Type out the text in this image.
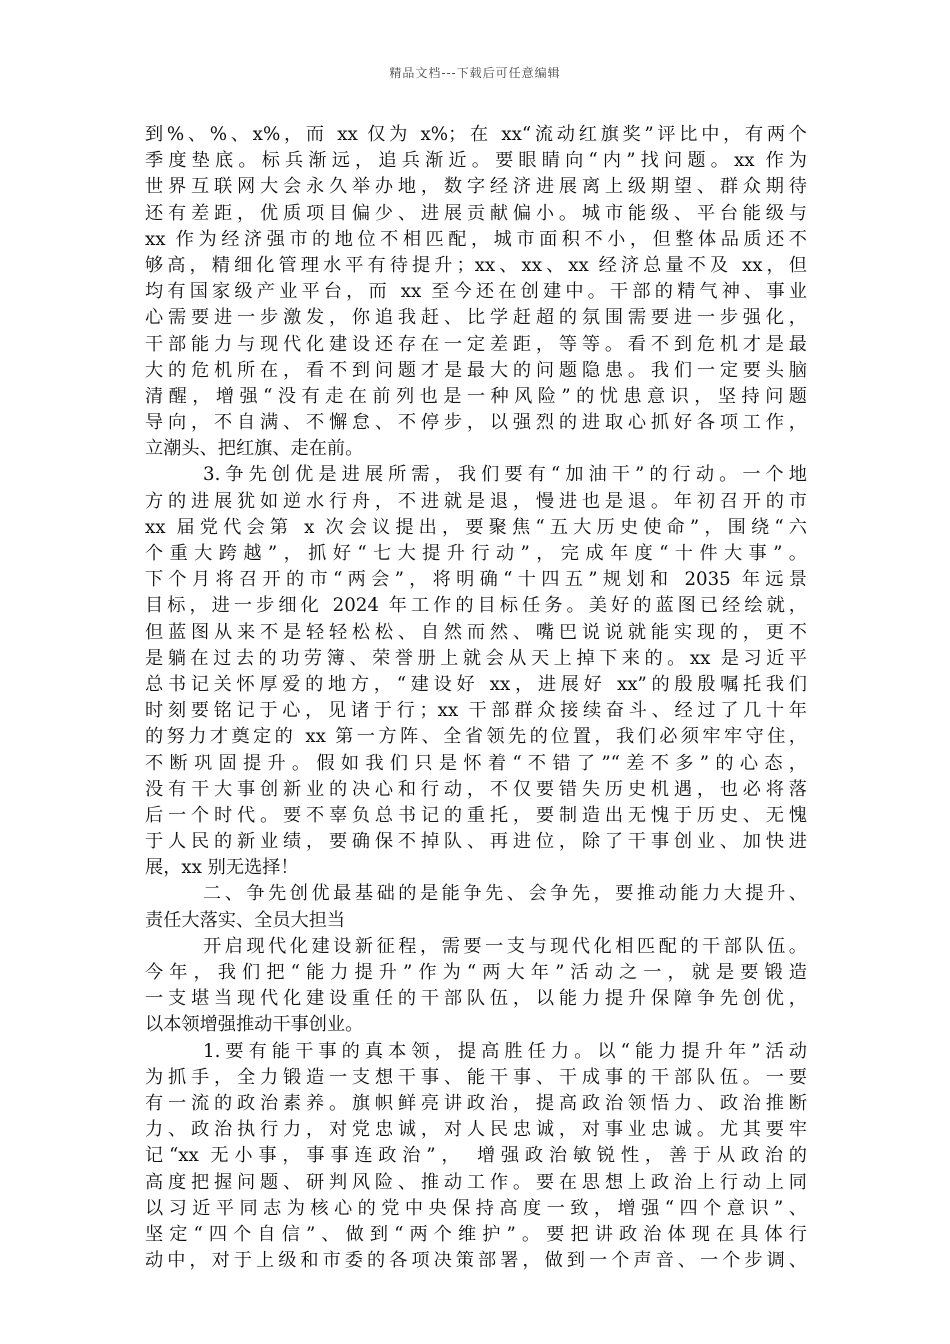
精品文档---下载后可任意编辑
到%、%、x%，而 xx 仅为 x%；在 xx“流动红旗奖”评比中，有两个
季度垫底。标兵渐远，追兵渐近。要眼睛向“内”找问题。xx 作为
世界互联网大会永久举办地，数字经济进展离上级期望、群众期待
还有差距，优质项目偏少、进展贡献偏小。城市能级、平台能级与
xx 作为经济强市的地位不相匹配，城市面积不小，但整体品质还不
够高，精细化管理水平有待提升；xx、xx、xx 经济总量不及 xx，但
均有国家级产业平台，而 xx 至今还在创建中。干部的精气神、事业
心需要进一步激发，你追我赶、比学赶超的氛围需要进一步强化，
干部能力与现代化建设还存在一定差距，等等。看不到危机才是最
大的危机所在，看不到问题才是最大的问题隐患。我们一定要头脑
清醒，增强“没有走在前列也是一种风险”的忧患意识，坚持问题
导向，不自满、不懈怠、不停步，以强烈的进取心抓好各项工作，
立潮头、把红旗、走在前。
3.争先创优是进展所需，我们要有“加油干”的行动。一个地
方的进展犹如逆水行舟，不进就是退，慢进也是退。年初召开的市
xx 届党代会第 x 次会议提出，要聚焦“五大历史使命”，围绕“六
个重大跨越”，抓好“七大提升行动”，完成年度“十件大事”。
下个月将召开的市“两会”，将明确“十四五”规划和 2035 年远景
目标，进一步细化 2024 年工作的目标任务。美好的蓝图已经绘就，
但蓝图从来不是轻轻松松、自然而然、嘴巴说说就能实现的，更不
是躺在过去的功劳簿、荣誉册上就会从天上掉下来的。xx 是习近平
总书记关怀厚爱的地方，“建设好 xx，进展好 xx”的殷殷嘱托我们
时刻要铭记于心，见诸于行；xx 干部群众接续奋斗、经过了几十年
的努力才奠定的 xx 第一方阵、全省领先的位置，我们必须牢牢守住，
不断巩固提升。假如我们只是怀着“不错了”“差不多”的心态，
没有干大事创新业的决心和行动，不仅要错失历史机遇，也必将落
后一个时代。要不辜负总书记的重托，要制造出无愧于历史、无愧
于人民的新业绩，要确保不掉队、再进位，除了干事创业、加快进
展，xx 别无选择！
二、争先创优最基础的是能争先、会争先，要推动能力大提升、
责任大落实、全员大担当
开启现代化建设新征程，需要一支与现代化相匹配的干部队伍。
今年，我们把“能力提升”作为“两大年”活动之一，就是要锻造
一支堪当现代化建设重任的干部队伍，以能力提升保障争先创优，
以本领增强推动干事创业。
1.要有能干事的真本领，提高胜任力。以“能力提升年”活动
为抓手，全力锻造一支想干事、能干事、干成事的干部队伍。一要
有一流的政治素养。旗帜鲜亮讲政治，提高政治领悟力、政治推断
力、政治执行力，对党忠诚，对人民忠诚，对事业忠诚。尤其要牢
记“xx 无小事，事事连政治”， 增强政治敏锐性，善于从政治的
高度把握问题、研判风险、推动工作。要在思想上政治上行动上同
以习近平同志为核心的党中央保持高度一致，增强“四个意识”、
坚定“四个自信”、做到“两个维护”。要把讲政治体现在具体行
动中，对于上级和市委的各项决策部署，做到一个声音、一个步调、
